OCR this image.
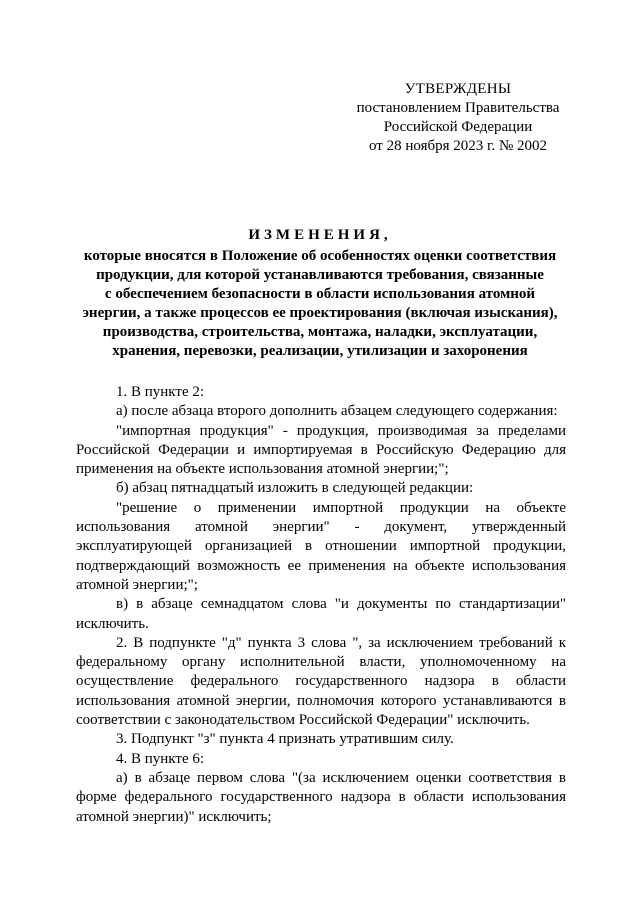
УТВЕРЖДЕНЫ
постановлением Правительства
Российской Федерации
от 28 ноября 2023 г. № 2002
ИЗМЕНЕНИЯ,
которые вносятся в Положение об особенностях оценки соответствия
продукции, для которой устанавливаются требования, связанные
с обеспечением безопасности в области использования атомной
энергии, а также процессов ее проектирования (включая изыскания),
производства, строительства, монтажа, наладки, эксплуатации,
хранения, перевозки, реализации, утилизации и захоронения

1. В пункте 2:

а) после абзаца второго дополнить абзацем следующего содержания:

"импортная продукция" - продукция, производимая за пределами Российской Федерации и импортируемая в Российскую Федерацию для применения на объекте использования атомной энергии;";

б) абзац пятнадцатый изложить в следующей редакции:

"решение о применении импортной продукции на объекте использования атомной энергии" - документ, утвержденный эксплуатирующей организацией в отношении импортной продукции, подтверждающий возможность ее применения на объекте использования атомной энергии;";

в) в абзаце семнадцатом слова "и документы по стандартизации" исключить.

2. В подпункте "д" пункта 3 слова ", за исключением требований к федеральному органу исполнительной власти, уполномоченному на осуществление федерального государственного надзора в области использования атомной энергии, полномочия которого устанавливаются в соответствии с законодательством Российской Федерации" исключить.

3. Подпункт "з" пункта 4 признать утратившим силу.

4. В пункте 6:

а) в абзаце первом слова "(за исключением оценки соответствия в форме федерального государственного надзора в области использования атомной энергии)" исключить;
